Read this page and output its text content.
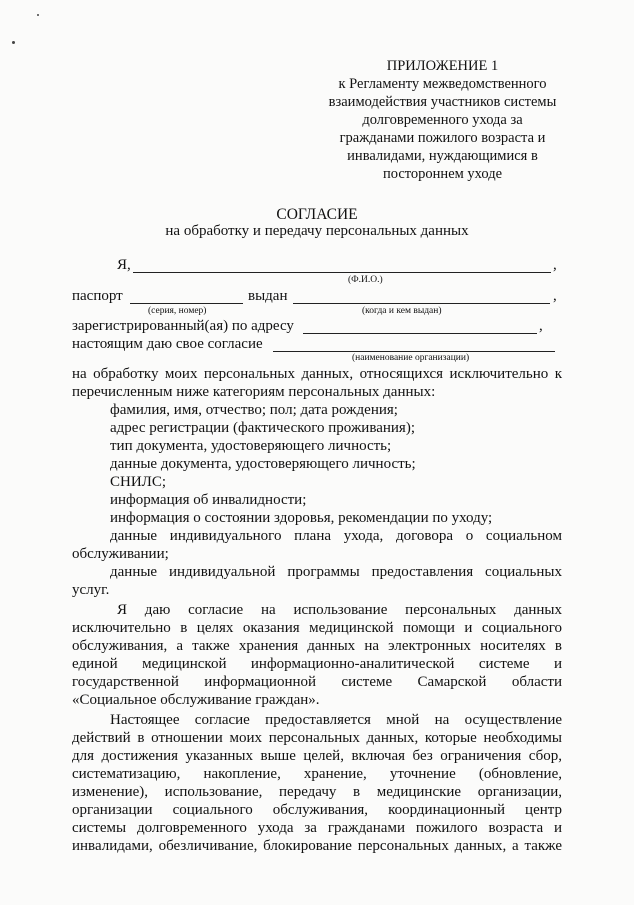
ПРИЛОЖЕНИЕ 1
к Регламенту межведомственного
взаимодействия участников системы
долговременного ухода за
гражданами пожилого возраста и
инвалидами, нуждающимися в
постороннем уходе
СОГЛАСИЕ
на обработку и передачу персональных данных
Я,	,
(Ф.И.О.)
паспорт	выдан	,
(серия, номер)	(когда и кем выдан)
зарегистрированный(ая) по адресу	,
настоящим даю свое согласие
(наименование организации)
на обработку моих персональных данных, относящихся исключительно к
перечисленным ниже категориям персональных данных:
фамилия, имя, отчество; пол; дата рождения;
адрес регистрации (фактического проживания);
тип документа, удостоверяющего личность;
данные документа, удостоверяющего личность;
СНИЛС;
информация об инвалидности;
информация о состоянии здоровья, рекомендации по уходу;
данные индивидуального плана ухода, договора о социальном
обслуживании;
данные индивидуальной программы предоставления социальных
услуг.
Я даю согласие на использование персональных данных
исключительно в целях оказания медицинской помощи и социального
обслуживания, а также хранения данных на электронных носителях в
единой медицинской информационно-аналитической системе и
государственной информационной системе Самарской области
«Социальное обслуживание граждан».
Настоящее согласие предоставляется мной на осуществление
действий в отношении моих персональных данных, которые необходимы
для достижения указанных выше целей, включая без ограничения сбор,
систематизацию, накопление, хранение, уточнение (обновление,
изменение), использование, передачу в медицинские организации,
организации социального обслуживания, координационный центр
системы долговременного ухода за гражданами пожилого возраста и
инвалидами, обезличивание, блокирование персональных данных, а также
